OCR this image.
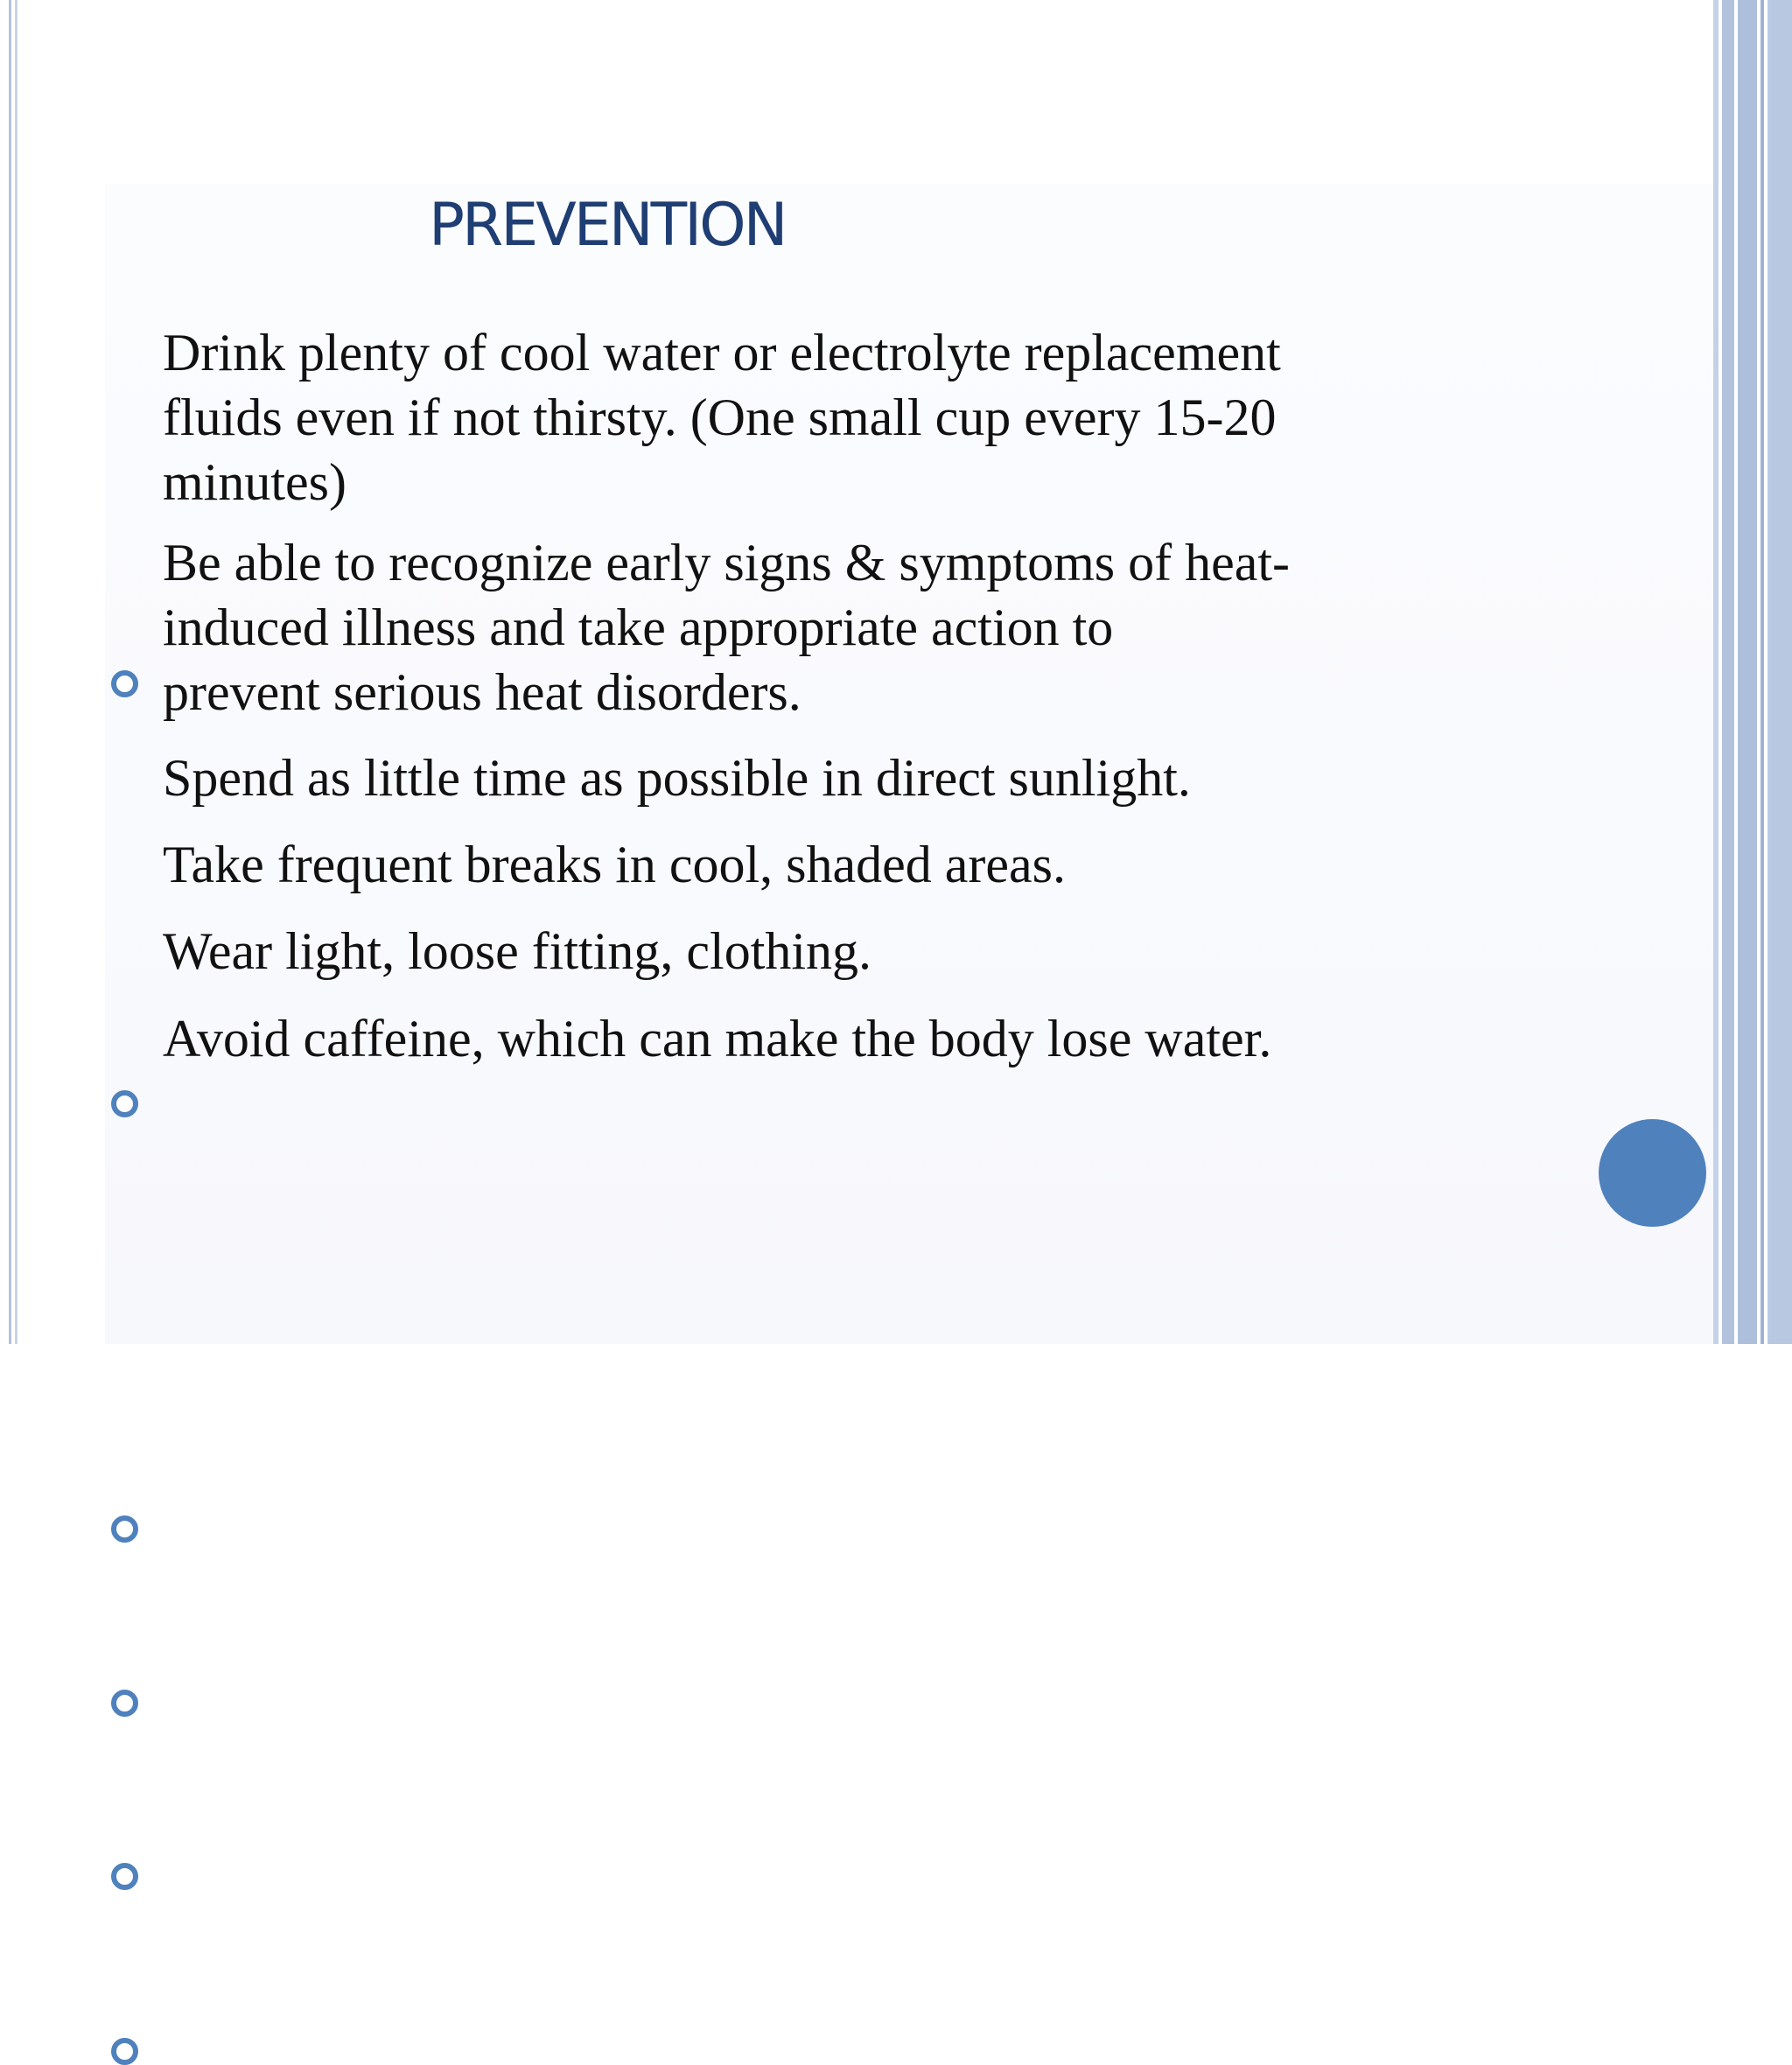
PREVENTION
Drink plenty of cool water or electrolyte replacement
fluids even if not thirsty. (One small cup every 15-20
minutes)
Be able to recognize early signs & symptoms of heat-
induced illness and take appropriate action to
prevent serious heat disorders.
Spend as little time as possible in direct sunlight.
Take frequent breaks in cool, shaded areas.
Wear light, loose fitting, clothing.
Avoid caffeine, which can make the body lose water.
